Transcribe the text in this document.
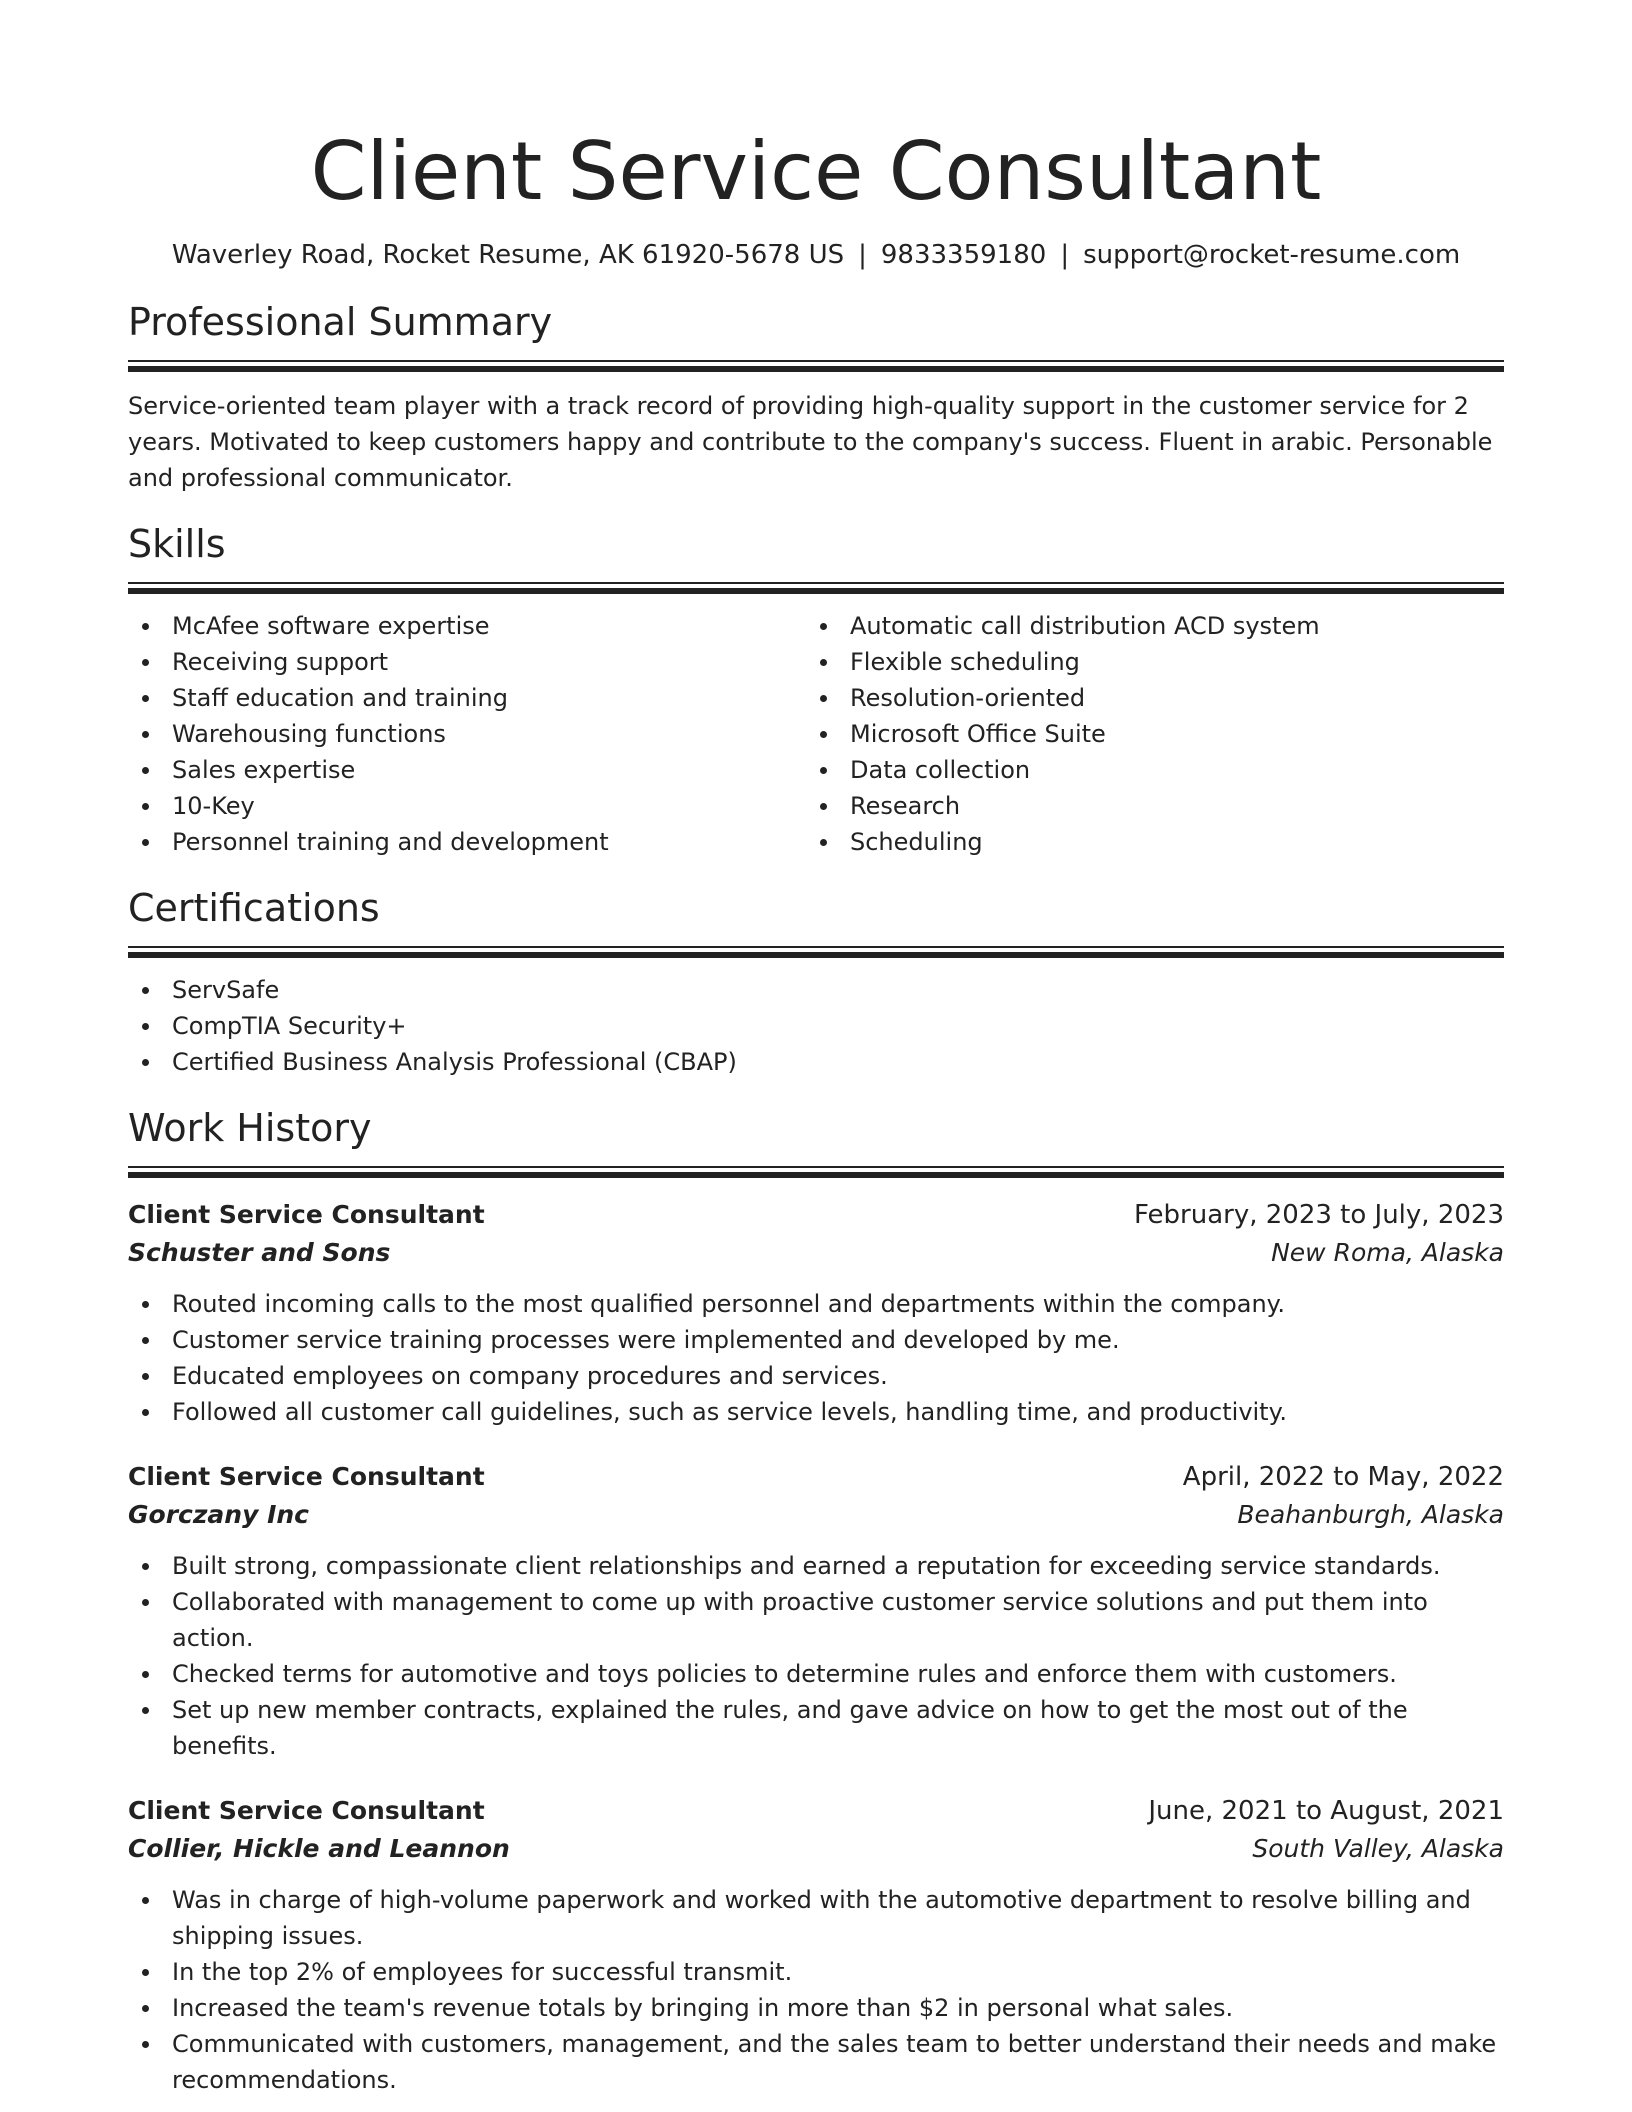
Client Service Consultant
Waverley Road, Rocket Resume, AK 61920-5678 US | 9833359180 | support@rocket-resume.com
Professional Summary

Service-oriented team player with a track record of providing high-quality support in the customer service for 2 years. Motivated to keep customers happy and contribute to the company's success. Fluent in arabic. Personable and professional communicator.

Skills
McAfee software expertise
Receiving support
Staff education and training
Warehousing functions
Sales expertise
10-Key
Personnel training and development
Automatic call distribution ACD system
Flexible scheduling
Resolution-oriented
Microsoft Office Suite
Data collection
Research
Scheduling
Certifications
ServSafe
CompTIA Security+
Certified Business Analysis Professional (CBAP)
Work History
Client Service Consultant	February, 2023 to July, 2023
Schuster and Sons	New Roma, Alaska
Routed incoming calls to the most qualified personnel and departments within the company.
Customer service training processes were implemented and developed by me.
Educated employees on company procedures and services.
Followed all customer call guidelines, such as service levels, handling time, and productivity.
Client Service Consultant	April, 2022 to May, 2022
Gorczany Inc	Beahanburgh, Alaska
Built strong, compassionate client relationships and earned a reputation for exceeding service standards.
Collaborated with management to come up with proactive customer service solutions and put them into action.
Checked terms for automotive and toys policies to determine rules and enforce them with customers.
Set up new member contracts, explained the rules, and gave advice on how to get the most out of the benefits.
Client Service Consultant	June, 2021 to August, 2021
Collier, Hickle and Leannon	South Valley, Alaska
Was in charge of high-volume paperwork and worked with the automotive department to resolve billing and shipping issues.
In the top 2% of employees for successful transmit.
Increased the team's revenue totals by bringing in more than $2 in personal what sales.
Communicated with customers, management, and the sales team to better understand their needs and make recommendations.
